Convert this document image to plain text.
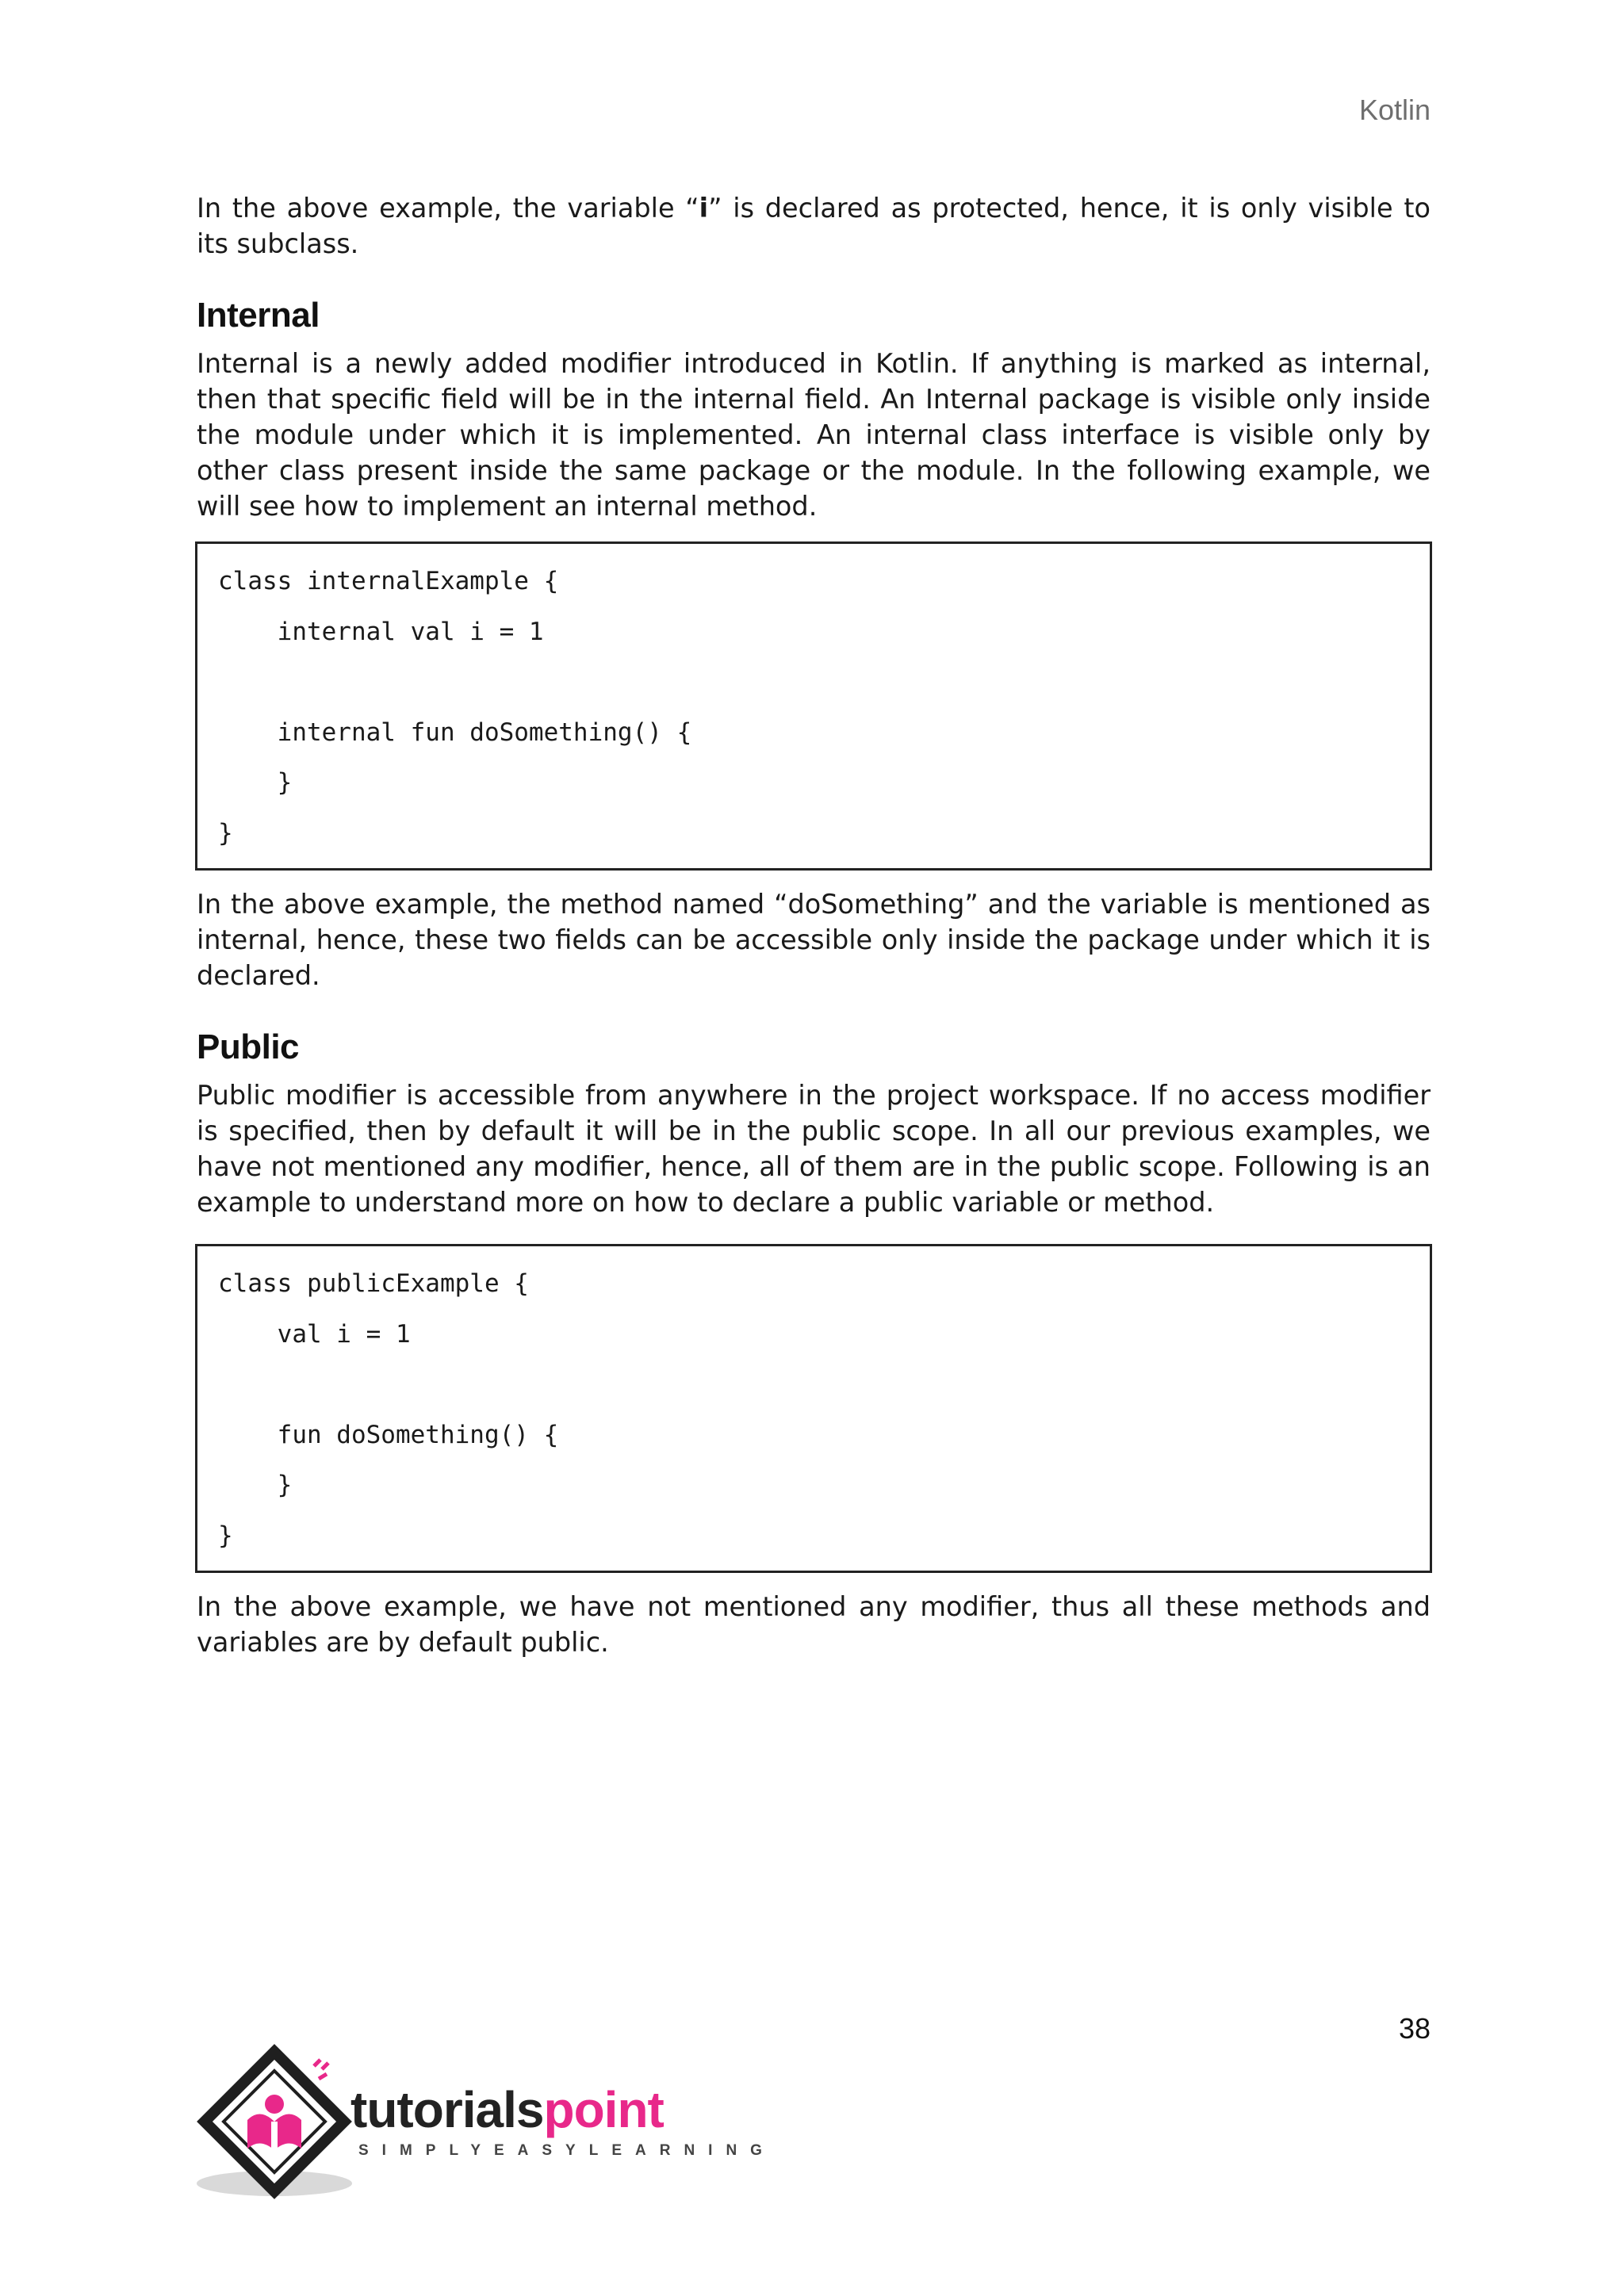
Kotlin

In the above example, the variable “i” is declared as protected, hence, it is only visible to its subclass.

Internal

Internal is a newly added modifier introduced in Kotlin. If anything is marked as internal, then that specific field will be in the internal field. An Internal package is visible only inside the module under which it is implemented. An internal class interface is visible only by other class present inside the same package or the module. In the following example, we will see how to implement an internal method.

class internalExample {
internal val i = 1
internal fun doSomething() {
}
}

In the above example, the method named “doSomething” and the variable is mentioned as internal, hence, these two fields can be accessible only inside the package under which it is declared.

Public

Public modifier is accessible from anywhere in the project workspace. If no access modifier is specified, then by default it will be in the public scope. In all our previous examples, we have not mentioned any modifier, hence, all of them are in the public scope. Following is an example to understand more on how to declare a public variable or method.

class publicExample {
val i = 1
fun doSomething() {
}
}

In the above example, we have not mentioned any modifier, thus all these methods and variables are by default public.

38
tutorialspoint
SIMPLYEASYLEARNING
